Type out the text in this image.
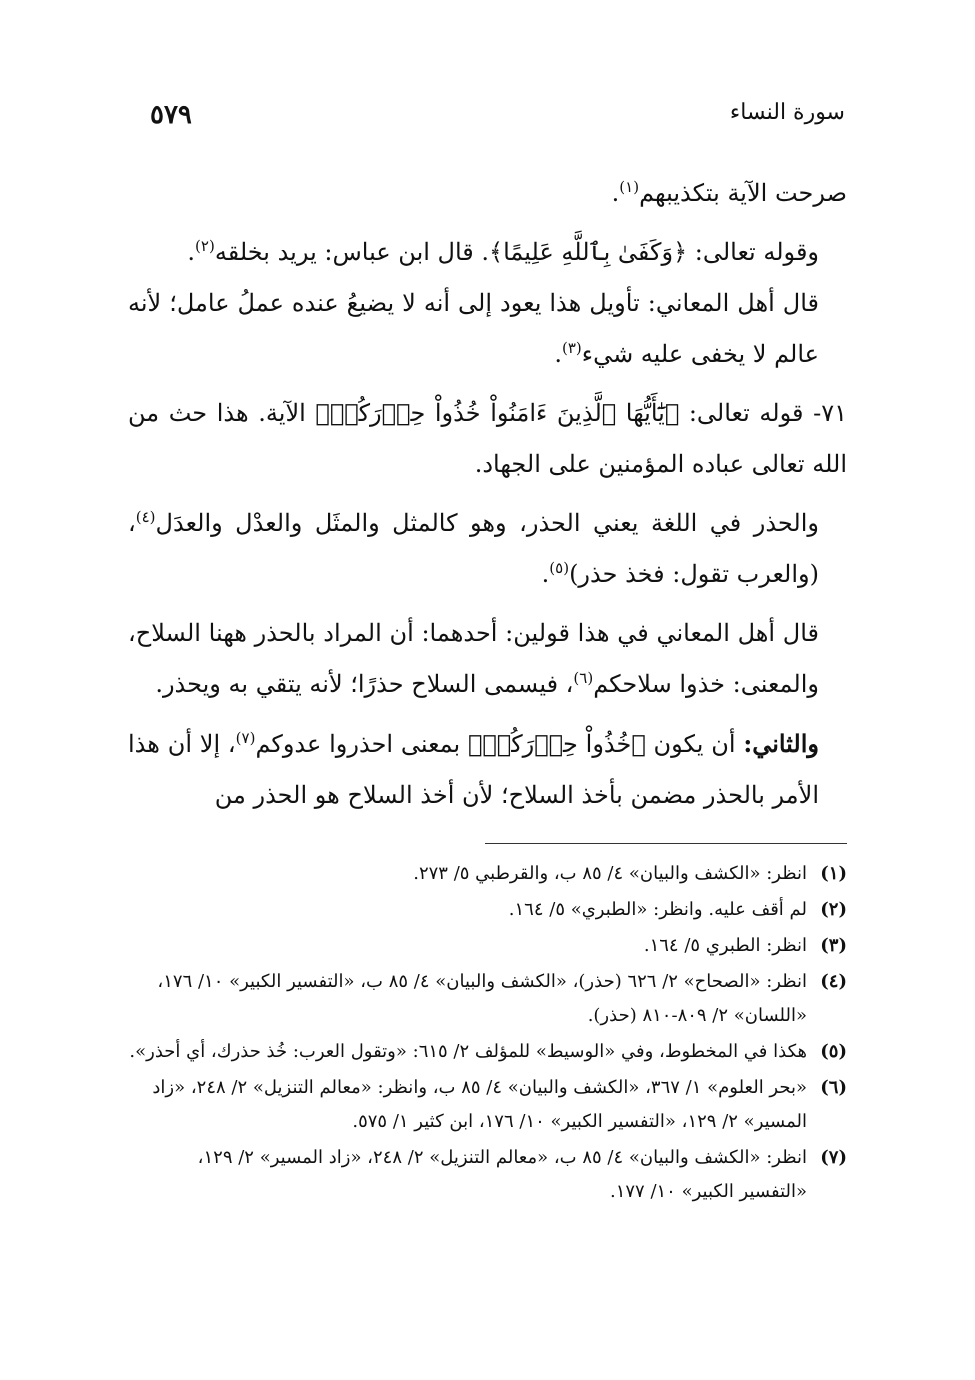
سورة النساء
٥٧٩

صرحت الآية بتكذيبهم$^{(١)}$.

وقوله تعالى: ﴿وَكَفَىٰ بِٱللَّهِ عَلِيمًا﴾. قال ابن عباس: يريد بخلقه$^{(٢)}$.

قال أهل المعاني: تأويل هذا يعود إلى أنه لا يضيعُ عنده عملُ عامل؛ لأنه عالم لا يخفى عليه شيء$^{(٣)}$.

٧١- قوله تعالى: ﴿يَٰٓأَيُّهَا ٱلَّذِينَ ءَامَنُواْ خُذُواْ حِذۡرَكُمۡ﴾ الآية. هذا حث من الله تعالى عباده المؤمنين على الجهاد.

والحذر في اللغة يعني الحذر، وهو كالمثل والمثَل والعدْل والعدَل$^{(٤)}$، (والعرب تقول: فخذ حذر)$^{(٥)}$.

قال أهل المعاني في هذا قولين: أحدهما: أن المراد بالحذر ههنا السلاح، والمعنى: خذوا سلاحكم$^{(٦)}$، فيسمى السلاح حذرًا؛ لأنه يتقي به ويحذر.

والثاني: أن يكون ﴿خُذُواْ حِذۡرَكُمۡ﴾ بمعنى احذروا عدوكم$^{(٧)}$، إلا أن هذا الأمر بالحذر مضمن بأخذ السلاح؛ لأن أخذ السلاح هو الحذر من

(١)
انظر: «الكشف والبيان» ٤/ ٨٥ ب، والقرطبي ٥/ ٢٧٣.
(٢)
لم أقف عليه. وانظر: «الطبري» ٥/ ١٦٤.
(٣)
انظر: الطبري ٥/ ١٦٤.
(٤)
انظر: «الصحاح» ٢/ ٦٢٦ (حذر)، «الكشف والبيان» ٤/ ٨٥ ب، «التفسير الكبير» ١٠/ ١٧٦، «اللسان» ٢/ ٨٠٩-٨١٠ (حذر).
(٥)
هكذا في المخطوط، وفي «الوسيط» للمؤلف ٢/ ٦١٥: «وتقول العرب: خُذ حذرك، أي أحذر».
(٦)
«بحر العلوم» ١/ ٣٦٧، «الكشف والبيان» ٤/ ٨٥ ب، وانظر: «معالم التنزيل» ٢/ ٢٤٨، «زاد المسير» ٢/ ١٢٩، «التفسير الكبير» ١٠/ ١٧٦، ابن كثير ١/ ٥٧٥.
(٧)
انظر: «الكشف والبيان» ٤/ ٨٥ ب، «معالم التنزيل» ٢/ ٢٤٨، «زاد المسير» ٢/ ١٢٩، «التفسير الكبير» ١٠/ ١٧٧.
